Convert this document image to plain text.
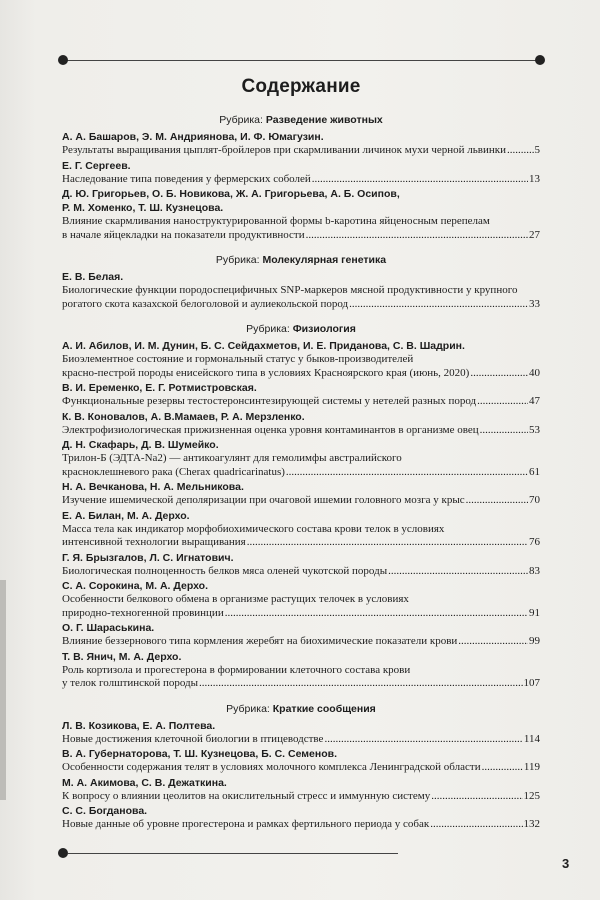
Содержание
Рубрика: Разведение животных
А. А. Башаров, Э. М. Андриянова, И. Ф. Юмагузин.
Результаты выращивания цыплят-бройлеров при скармливании личинок мухи черной львинки .....	5
Е. Г. Сергеев.
Наследование типа поведения у фермерских соболей .....	13
Д. Ю. Григорьев, О. Б. Новикова, Ж. А. Григорьева, А. Б. Осипов,
Р. М. Хоменко, Т. Ш. Кузнецова.
Влияние скармливания наноструктурированной формы b-каротина яйценосным перепелам
в начале яйцекладки на показатели продуктивности .....	27
Рубрика: Молекулярная генетика
Е. В. Белая.
Биологические функции породоспецифичных SNP-маркеров мясной продуктивности у крупного
рогатого скота казахской белоголовой и аулиекольской пород .....	33
Рубрика: Физиология
А. И. Абилов, И. М. Дунин, Б. С. Сейдахметов, И. Е. Приданова, С. В. Шадрин.
Биоэлементное состояние и гормональный статус у быков-производителей
красно-пестрой породы енисейского типа в условиях Красноярского края (июнь, 2020) .....	40
В. И. Еременко, Е. Г. Ротмистровская.
Функциональные резервы тестостеронсинтезирующей системы у нетелей разных пород .....	47
К. В. Коновалов, А. В.Мамаев, Р. А. Мерзленко.
Электрофизиологическая прижизненная оценка уровня контаминантов в организме овец .....	53
Д. Н. Скафарь, Д. В. Шумейко.
Трилон-Б (ЭДТА-Na2) — антикоагулянт для гемолимфы австралийского
красноклешневого рака (Cherax quadricarinatus) .....	61
Н. А. Вечканова, Н. А. Мельникова.
Изучение ишемической деполяризации при очаговой ишемии головного мозга у крыс .....	70
Е. А. Билан, М. А. Дерхо.
Масса тела как индикатор морфобиохимического состава крови телок в условиях
интенсивной технологии выращивания .....	76
Г. Я. Брызгалов, Л. С. Игнатович.
Биологическая полноценность белков мяса оленей чукотской породы .....	83
С. А. Сорокина, М. А. Дерхо.
Особенности белкового обмена в организме растущих телочек в условиях
природно-техногенной провинции .....	91
О. Г. Шараськина.
Влияние беззернового типа кормления жеребят на биохимические показатели крови .....	99
Т. В. Янич, М. А. Дерхо.
Роль кортизола и прогестерона в формировании клеточного состава крови
у телок голштинской породы .....	107
Рубрика: Краткие сообщения
Л. В. Козикова, Е. А. Полтева.
Новые достижения клеточной биологии в птицеводстве .....	114
В. А. Губернаторова, Т. Ш. Кузнецова, Б. С. Семенов.
Особенности содержания телят в условиях молочного комплекса Ленинградской области .....	119
М. А. Акимова, С. В. Дежаткина.
К вопросу о влиянии цеолитов на окислительный стресс и иммунную систему .....	125
С. С. Богданова.
Новые данные об уровне прогестерона и рамках фертильного периода у собак .....	132
3
